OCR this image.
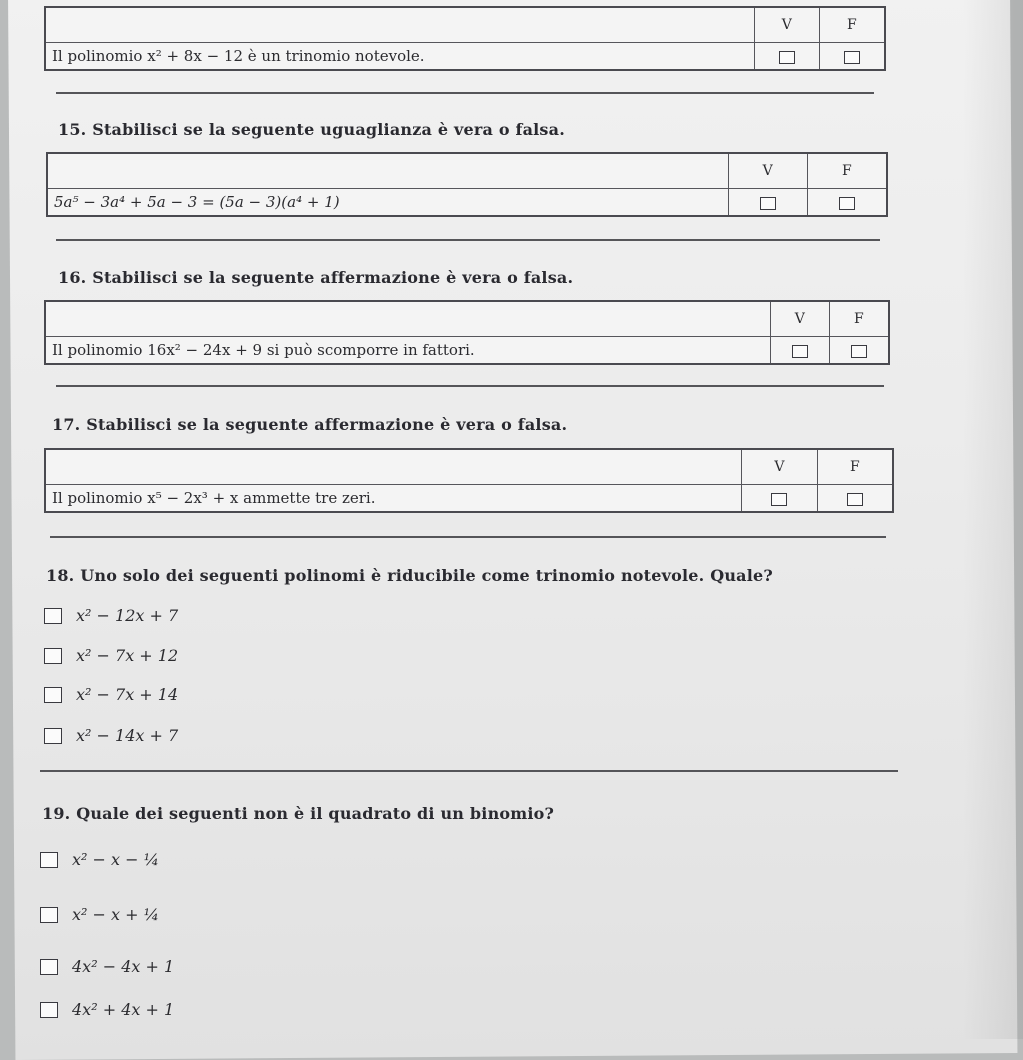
	V	F
Il polinomio x² + 8x − 12 è un trinomio notevole.		
15. Stabilisci se la seguente uguaglianza è vera o falsa.
	V	F
5a⁵ − 3a⁴ + 5a − 3 = (5a − 3)(a⁴ + 1)		
16. Stabilisci se la seguente affermazione è vera o falsa.
	V	F
Il polinomio 16x² − 24x + 9 si può scomporre in fattori.		
17. Stabilisci se la seguente affermazione è vera o falsa.
	V	F
Il polinomio x⁵ − 2x³ + x ammette tre zeri.		
18. Uno solo dei seguenti polinomi è riducibile come trinomio notevole. Quale?
x² − 12x + 7
x² − 7x + 12
x² − 7x + 14
x² − 14x + 7
19. Quale dei seguenti non è il quadrato di un binomio?
x² − x − ¼
x² − x + ¼
4x² − 4x + 1
4x² + 4x + 1
